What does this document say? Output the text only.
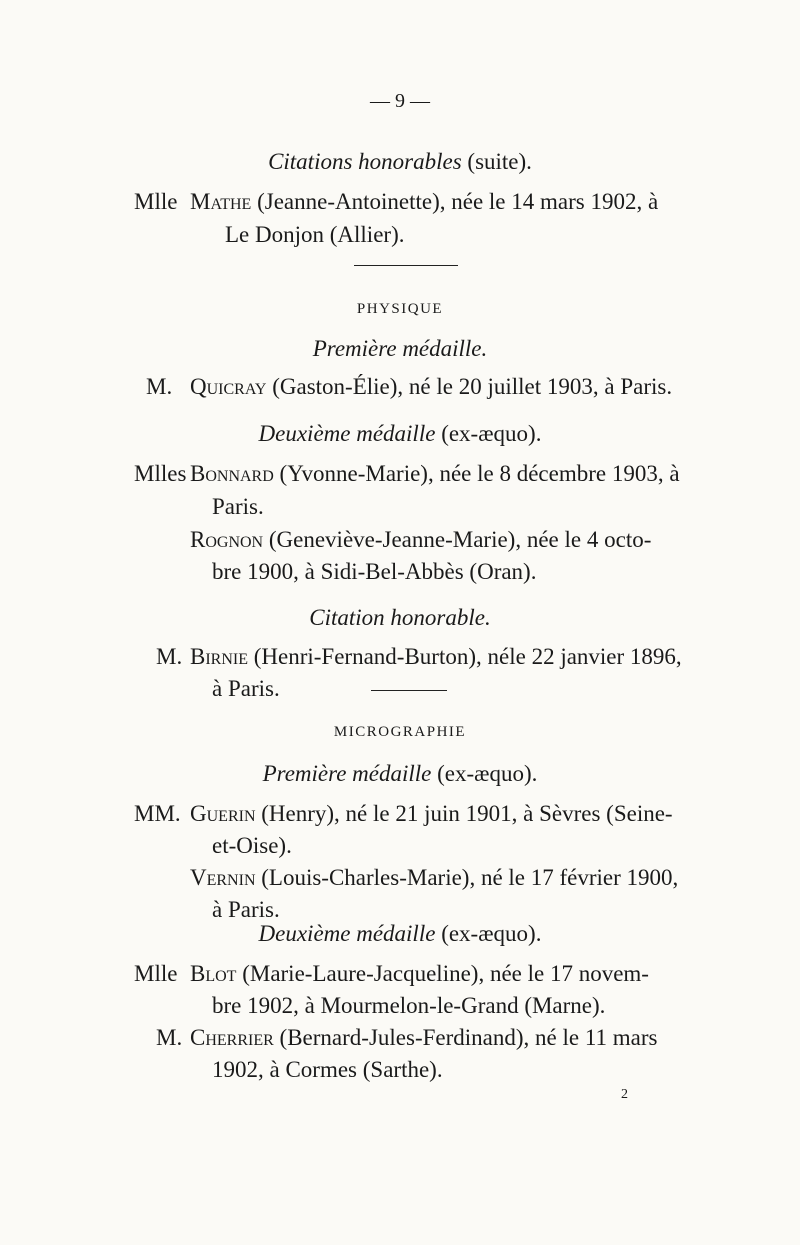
— 9 —
Citations honorables (suite).
Mlle Mathe (Jeanne-Antoinette), née le 14 mars 1902, à
Le Donjon (Allier).
PHYSIQUE
Première médaille.
M. Quicray (Gaston-Élie), né le 20 juillet 1903, à Paris.
Deuxième médaille (ex-æquo).
Mlles Bonnard (Yvonne-Marie), née le 8 décembre 1903, à
Paris.
Rognon (Geneviève-Jeanne-Marie), née le 4 octo-
bre 1900, à Sidi-Bel-Abbès (Oran).
Citation honorable.
M. Birnie (Henri-Fernand-Burton), néle 22 janvier 1896,
à Paris.
MICROGRAPHIE
Première médaille (ex-æquo).
MM. Guerin (Henry), né le 21 juin 1901, à Sèvres (Seine-
et-Oise).
Vernin (Louis-Charles-Marie), né le 17 février 1900,
à Paris.
Deuxième médaille (ex-æquo).
Mlle Blot (Marie-Laure-Jacqueline), née le 17 novem-
bre 1902, à Mourmelon-le-Grand (Marne).
M. Cherrier (Bernard-Jules-Ferdinand), né le 11 mars
1902, à Cormes (Sarthe).
2
